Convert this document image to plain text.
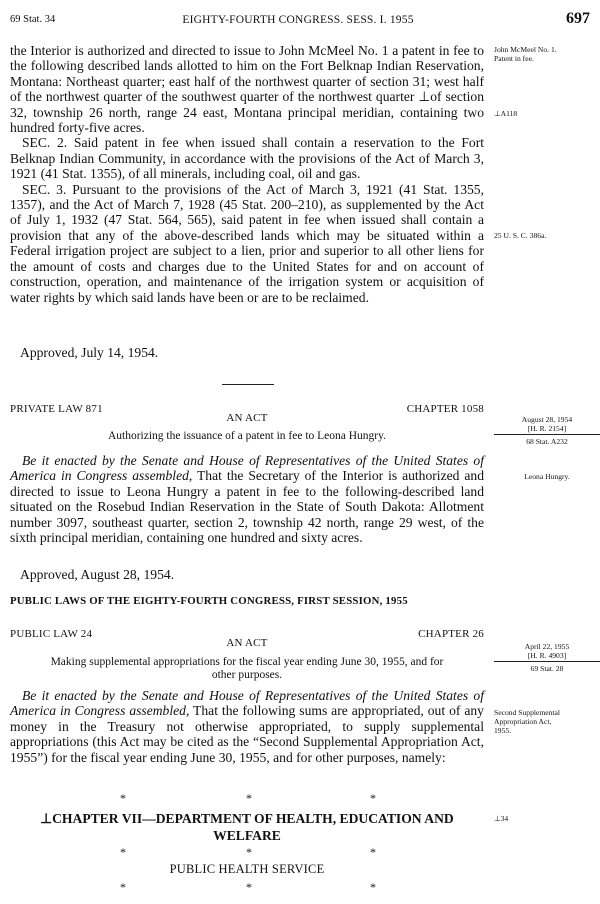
69 Stat. 34	EIGHTY-FOURTH CONGRESS. SESS. I. 1955	697

the Interior is authorized and directed to issue to John McMeel No. 1 a patent in fee to the following described lands allotted to him on the Fort Belknap Indian Reservation, Montana: Northeast quarter; east half of the northwest quarter of section 31; west half of the northwest quarter of the southwest quarter of the northwest quarter ⊥of section 32, township 26 north, range 24 east, Montana principal meridian, containing two hundred forty-five acres.

SEC. 2. Said patent in fee when issued shall contain a reservation to the Fort Belknap Indian Community, in accordance with the provisions of the Act of March 3, 1921 (41 Stat. 1355), of all minerals, including coal, oil and gas.

SEC. 3. Pursuant to the provisions of the Act of March 3, 1921 (41 Stat. 1355, 1357), and the Act of March 7, 1928 (45 Stat. 200–210), as supplemented by the Act of July 1, 1932 (47 Stat. 564, 565), said patent in fee when issued shall contain a provision that any of the above-described lands which may be situated within a Federal irrigation project are subject to a lien, prior and superior to all other liens for the amount of costs and charges due to the United States for and on account of construction, operation, and maintenance of the irrigation system or acquisition of water rights by which said lands have been or are to be reclaimed.

Approved, July 14, 1954.
John McMeel No. 1.
Patent in fee.
⊥A118
25 U. S. C. 386a.
PRIVATE LAW 871	CHAPTER 1058
AN ACT
Authorizing the issuance of a patent in fee to Leona Hungry.

Be it enacted by the Senate and House of Representatives of the United States of America in Congress assembled, That the Secretary of the Interior is authorized and directed to issue to Leona Hungry a patent in fee to the following-described land situated on the Rosebud Indian Reservation in the State of South Dakota: Allotment number 3097, southeast quarter, section 2, township 42 north, range 29 west, of the sixth principal meridian, containing one hundred and sixty acres.

Approved, August 28, 1954.
August 28, 1954
[H. R. 2154]
68 Stat. A232
Leona Hungry.
PUBLIC LAWS OF THE EIGHTY-FOURTH CONGRESS, FIRST SESSION, 1955
PUBLIC LAW 24	CHAPTER 26
AN ACT
Making supplemental appropriations for the fiscal year ending June 30, 1955, and for
other purposes.

Be it enacted by the Senate and House of Representatives of the United States of America in Congress assembled, That the following sums are appropriated, out of any money in the Treasury not otherwise appropriated, to supply supplemental appropriations (this Act may be cited as the “Second Supplemental Appropriation Act, 1955”) for the fiscal year ending June 30, 1955, and for other purposes, namely:

*	*	*
⊥CHAPTER VII—DEPARTMENT OF HEALTH, EDUCATION AND
WELFARE
*	*	*
PUBLIC HEALTH SERVICE
*	*	*
April 22, 1955
[H. R. 4903]
69 Stat. 28
Second Supplemental
Appropriation Act,
1955.
⊥34
